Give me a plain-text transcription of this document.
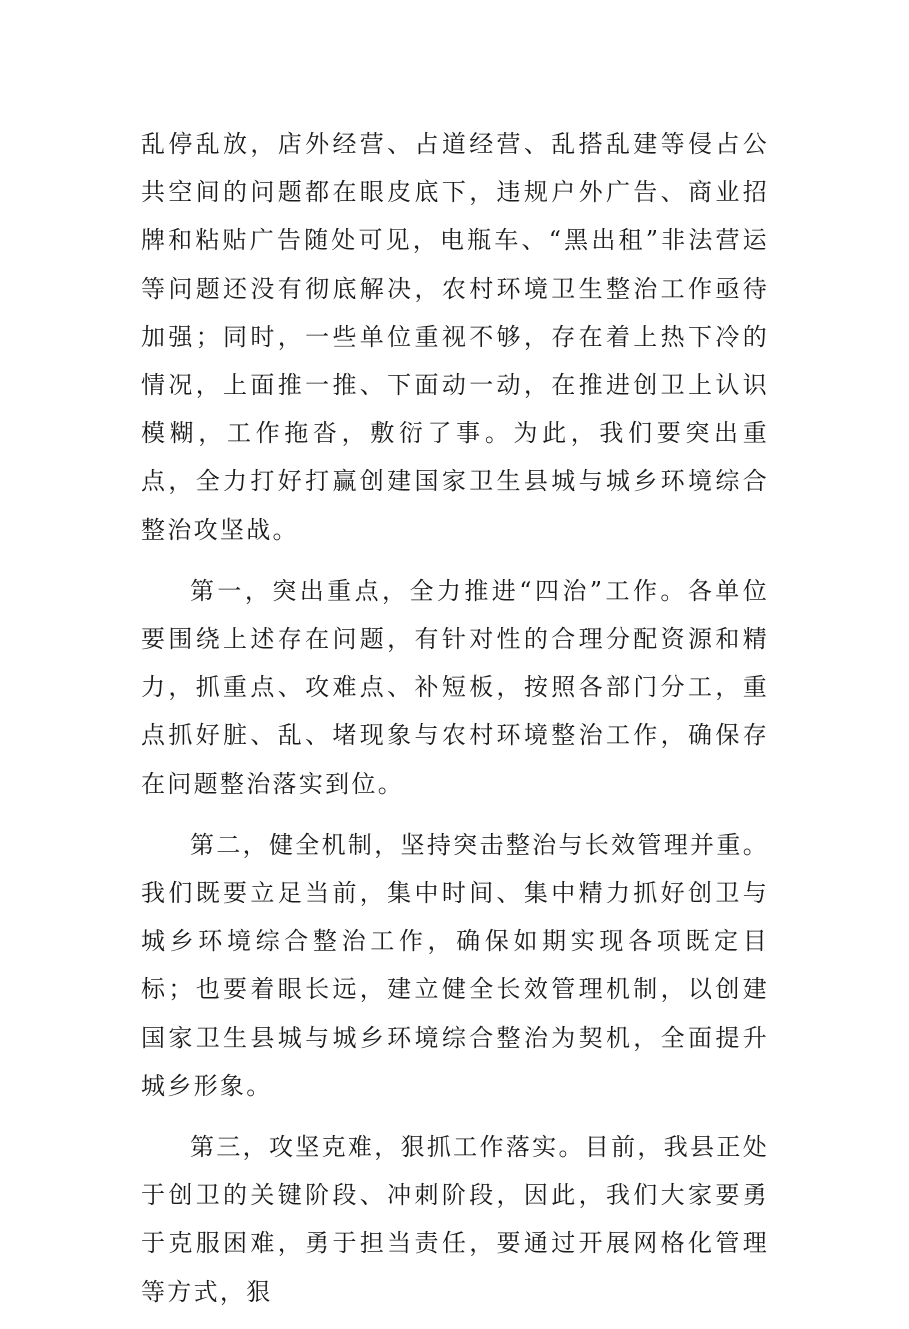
乱停乱放，店外经营、占道经营、乱搭乱建等侵占公共空间的问题都在眼皮底下，违规户外广告、商业招牌和粘贴广告随处可见，电瓶车、“黑出租”非法营运等问题还没有彻底解决，农村环境卫生整治工作亟待加强；同时，一些单位重视不够，存在着上热下冷的情况，上面推一推、下面动一动，在推进创卫上认识模糊，工作拖沓，敷衍了事。为此，我们要突出重点，全力打好打赢创建国家卫生县城与城乡环境综合整治攻坚战。

第一，突出重点，全力推进“四治”工作。各单位要围绕上述存在问题，有针对性的合理分配资源和精力，抓重点、攻难点、补短板，按照各部门分工，重点抓好脏、乱、堵现象与农村环境整治工作，确保存在问题整治落实到位。

第二，健全机制，坚持突击整治与长效管理并重。我们既要立足当前，集中时间、集中精力抓好创卫与城乡环境综合整治工作，确保如期实现各项既定目标；也要着眼长远，建立健全长效管理机制，以创建国家卫生县城与城乡环境综合整治为契机，全面提升城乡形象。

第三，攻坚克难，狠抓工作落实。目前，我县正处于创卫的关键阶段、冲刺阶段，因此，我们大家要勇于克服困难，勇于担当责任，要通过开展网格化管理等方式，狠
